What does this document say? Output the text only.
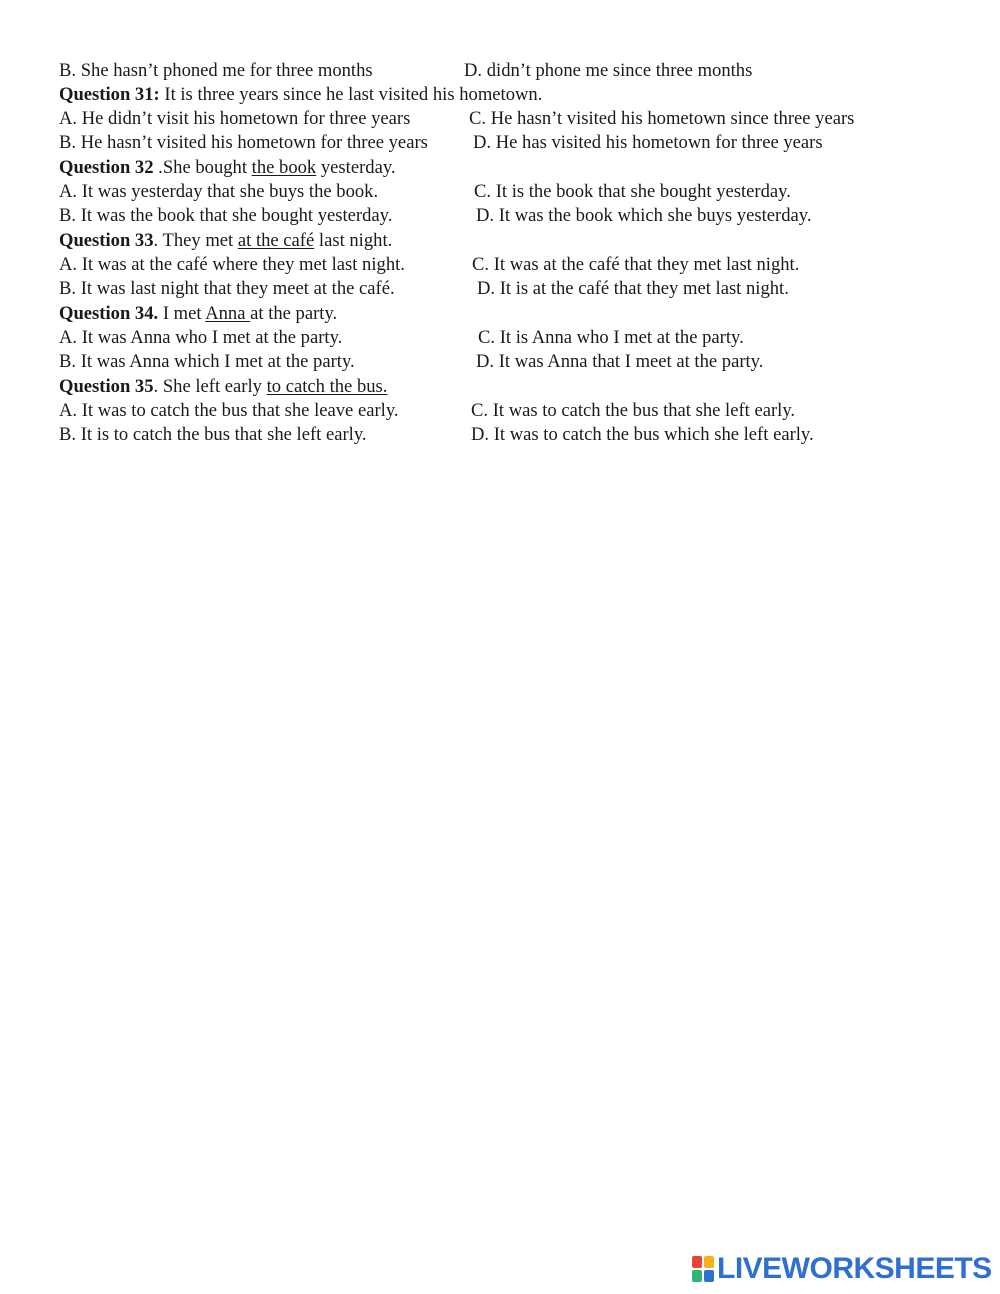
B. She hasn’t phoned me for three months	D. didn’t phone me since three months
Question 31: It is three years since he last visited his hometown.
A. He didn’t visit his hometown for three years	C. He hasn’t visited his hometown since three years
B. He hasn’t visited his hometown for three years D. He has visited his hometown for three years
Question 32 .She bought the book yesterday.
A. It was yesterday that she buys the book.	C. It is the book that she bought yesterday.
B. It was the book that she bought yesterday.	D. It was the book which she buys yesterday.
Question 33. They met at the café last night.
A. It was at the café where they met last night.	C. It was at the café that they met last night.
B. It was last night that they meet at the café.	D. It is at the café that they met last night.
Question 34. I met Anna at the party.
A. It was Anna who I met at the party.	C. It is Anna who I met at the party.
B. It was Anna which I met at the party.	D. It was Anna that I meet at the party.
Question 35. She left early to catch the bus.
A. It was to catch the bus that she leave early.	C. It was to catch the bus that she left early.
B. It is to catch the bus that she left early.	D. It was to catch the bus which she left early.
LIVEWORKSHEETS
